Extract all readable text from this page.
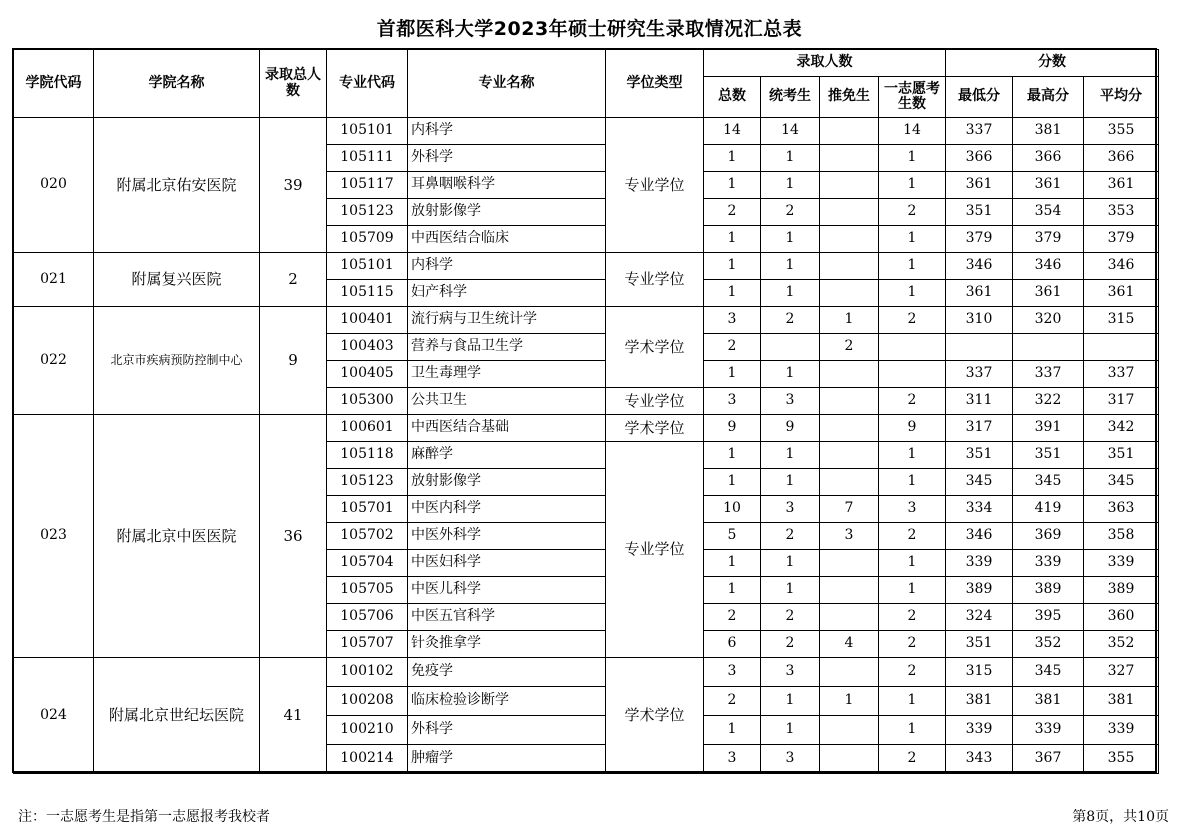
首都医科大学2023年硕士研究生录取情况汇总表
学院代码	学院名称	录取总人数	专业代码	专业名称	学位类型	录取人数				分数		
						总数	统考生	推免生	一志愿考生数	最低分	最高分	平均分
020	附属北京佑安医院	39	105101	内科学	专业学位	14	14		14	337	381	355
			105111	外科学		1	1		1	366	366	366
			105117	耳鼻咽喉科学		1	1		1	361	361	361
			105123	放射影像学		2	2		2	351	354	353
			105709	中西医结合临床		1	1		1	379	379	379
021	附属复兴医院	2	105101	内科学	专业学位	1	1		1	346	346	346
			105115	妇产科学		1	1		1	361	361	361
022	北京市疾病预防控制中心	9	100401	流行病与卫生统计学	学术学位	3	2	1	2	310	320	315
			100403	营养与食品卫生学		2		2				
			100405	卫生毒理学		1	1			337	337	337
			105300	公共卫生	专业学位	3	3		2	311	322	317
023	附属北京中医医院	36	100601	中西医结合基础	学术学位	9	9		9	317	391	342
			105118	麻醉学	专业学位	1	1		1	351	351	351
			105123	放射影像学		1	1		1	345	345	345
			105701	中医内科学		10	3	7	3	334	419	363
			105702	中医外科学		5	2	3	2	346	369	358
			105704	中医妇科学		1	1		1	339	339	339
			105705	中医儿科学		1	1		1	389	389	389
			105706	中医五官科学		2	2		2	324	395	360
			105707	针灸推拿学		6	2	4	2	351	352	352
024	附属北京世纪坛医院	41	100102	免疫学	学术学位	3	3		2	315	345	327
			100208	临床检验诊断学		2	1	1	1	381	381	381
			100210	外科学		1	1		1	339	339	339
			100214	肿瘤学		3	3		2	343	367	355
注：一志愿考生是指第一志愿报考我校者	第8页，共10页
